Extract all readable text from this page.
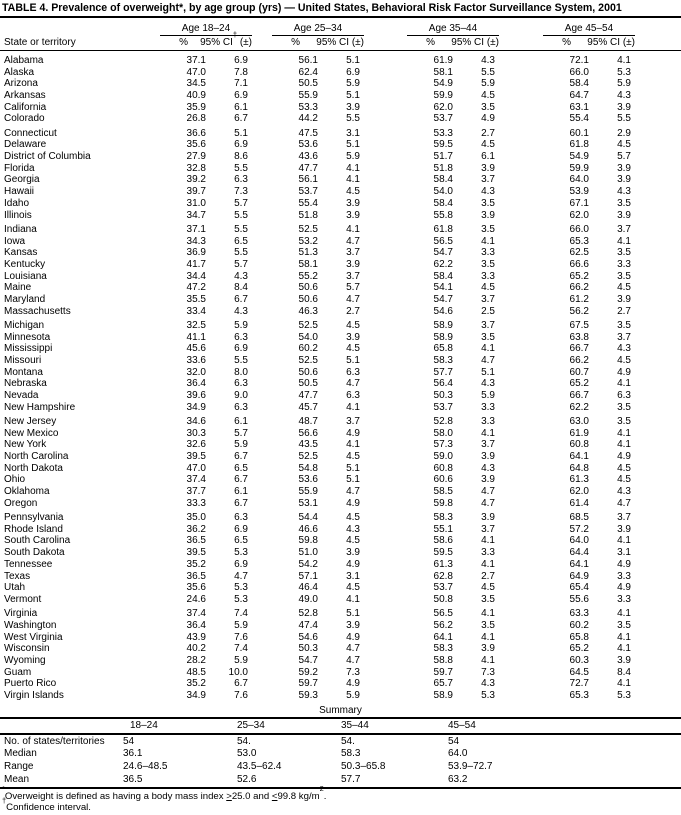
TABLE 4. Prevalence of overweight*, by age group (yrs) — United States, Behavioral Risk Factor Surveillance System, 2001
Age 18–24	Age 25–34	Age 35–44	Age 45–54
State or territory	%	95% CI† (±)	%	95% CI (±)	%	95% CI (±)	%	95% CI (±)
Alabama	37.1	6.9	56.1	5.1	61.9	4.3	72.1	4.1
Alaska	47.0	7.8	62.4	6.9	58.1	5.5	66.0	5.3
Arizona	34.5	7.1	50.5	5.9	54.9	5.9	58.4	5.9
Arkansas	40.9	6.9	55.9	5.1	59.9	4.5	64.7	4.3
California	35.9	6.1	53.3	3.9	62.0	3.5	63.1	3.9
Colorado	26.8	6.7	44.2	5.5	53.7	4.9	55.4	5.5
Connecticut	36.6	5.1	47.5	3.1	53.3	2.7	60.1	2.9
Delaware	35.6	6.9	53.6	5.1	59.5	4.5	61.8	4.5
District of Columbia	27.9	8.6	43.6	5.9	51.7	6.1	54.9	5.7
Florida	32.8	5.5	47.7	4.1	51.8	3.9	59.9	3.9
Georgia	39.2	6.3	56.1	4.1	58.4	3.7	64.0	3.9
Hawaii	39.7	7.3	53.7	4.5	54.0	4.3	53.9	4.3
Idaho	31.0	5.7	55.4	3.9	58.4	3.5	67.1	3.5
Illinois	34.7	5.5	51.8	3.9	55.8	3.9	62.0	3.9
Indiana	37.1	5.5	52.5	4.1	61.8	3.5	66.0	3.7
Iowa	34.3	6.5	53.2	4.7	56.5	4.1	65.3	4.1
Kansas	36.9	5.5	51.3	3.7	54.7	3.3	62.5	3.5
Kentucky	41.7	5.7	58.1	3.9	62.2	3.5	66.6	3.3
Louisiana	34.4	4.3	55.2	3.7	58.4	3.3	65.2	3.5
Maine	47.2	8.4	50.6	5.7	54.1	4.5	66.2	4.5
Maryland	35.5	6.7	50.6	4.7	54.7	3.7	61.2	3.9
Massachusetts	33.4	4.3	46.3	2.7	54.6	2.5	56.2	2.7
Michigan	32.5	5.9	52.5	4.5	58.9	3.7	67.5	3.5
Minnesota	41.1	6.3	54.0	3.9	58.9	3.5	63.8	3.7
Mississippi	45.6	6.9	60.2	4.5	65.8	4.1	66.7	4.3
Missouri	33.6	5.5	52.5	5.1	58.3	4.7	66.2	4.5
Montana	32.0	8.0	50.6	6.3	57.7	5.1	60.7	4.9
Nebraska	36.4	6.3	50.5	4.7	56.4	4.3	65.2	4.1
Nevada	39.6	9.0	47.7	6.3	50.3	5.9	66.7	6.3
New Hampshire	34.9	6.3	45.7	4.1	53.7	3.3	62.2	3.5
New Jersey	34.6	6.1	48.7	3.7	52.8	3.3	63.0	3.5
New Mexico	30.3	5.7	56.6	4.9	58.0	4.1	61.9	4.1
New York	32.6	5.9	43.5	4.1	57.3	3.7	60.8	4.1
North Carolina	39.5	6.7	52.5	4.5	59.0	3.9	64.1	4.9
North Dakota	47.0	6.5	54.8	5.1	60.8	4.3	64.8	4.5
Ohio	37.4	6.7	53.6	5.1	60.6	3.9	61.3	4.5
Oklahoma	37.7	6.1	55.9	4.7	58.5	4.7	62.0	4.3
Oregon	33.3	6.7	53.1	4.9	59.8	4.7	61.4	4.7
Pennsylvania	35.0	6.3	54.4	4.5	58.3	3.9	68.5	3.7
Rhode Island	36.2	6.9	46.6	4.3	55.1	3.7	57.2	3.9
South Carolina	36.5	6.5	59.8	4.5	58.6	4.1	64.0	4.1
South Dakota	39.5	5.3	51.0	3.9	59.5	3.3	64.4	3.1
Tennessee	35.2	6.9	54.2	4.9	61.3	4.1	64.1	4.9
Texas	36.5	4.7	57.1	3.1	62.8	2.7	64.9	3.3
Utah	35.6	5.3	46.4	4.5	53.7	4.5	65.4	4.9
Vermont	24.6	5.3	49.0	4.1	50.8	3.5	55.6	3.3
Virginia	37.4	7.4	52.8	5.1	56.5	4.1	63.3	4.1
Washington	36.4	5.9	47.4	3.9	56.2	3.5	60.2	3.5
West Virginia	43.9	7.6	54.6	4.9	64.1	4.1	65.8	4.1
Wisconsin	40.2	7.4	50.3	4.7	58.3	3.9	65.2	4.1
Wyoming	28.2	5.9	54.7	4.7	58.8	4.1	60.3	3.9
Guam	48.5	10.0	59.2	7.3	59.7	7.3	64.5	8.4
Puerto Rico	35.2	6.7	59.7	4.9	65.7	4.3	72.7	4.1
Virgin Islands	34.9	7.6	59.3	5.9	58.9	5.3	65.3	5.3
Summary
18–24	25–34	35–44	45–54
No. of states/territories	54	54.	54.	54
Median	36.1	53.0	58.3	64.0
Range	24.6–48.5	43.5–62.4	50.3–65.8	53.9–72.7
Mean	36.5	52.6	57.7	63.2
*Overweight is defined as having a body mass index ≥25.0 and ≤99.8 $kg/m^2$.
†Confidence interval.
